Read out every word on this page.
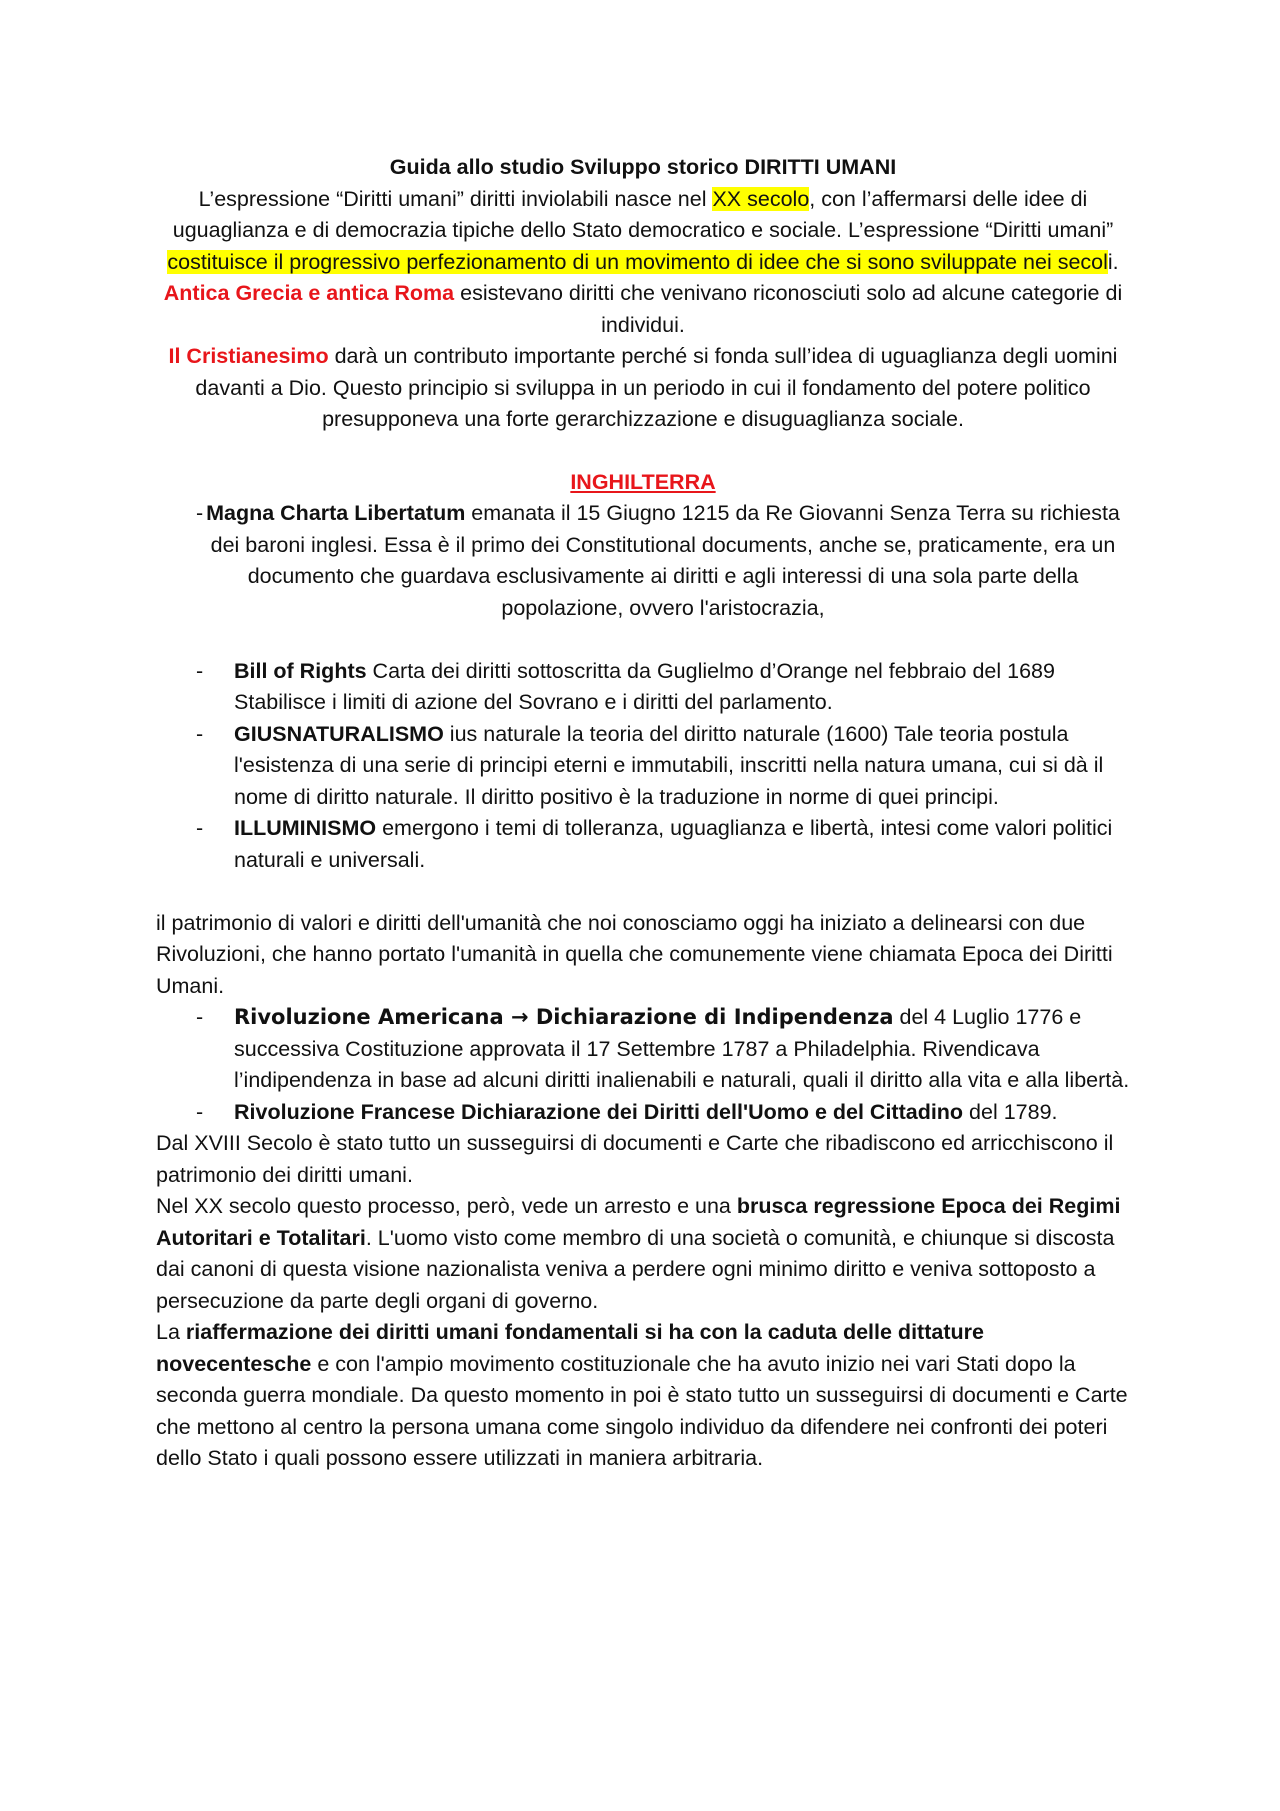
Guida allo studio Sviluppo storico DIRITTI UMANI

L’espressione “Diritti umani” diritti inviolabili nasce nel XX secolo, con l’affermarsi delle idee di uguaglianza e di democrazia tipiche dello Stato democratico e sociale. L’espressione “Diritti umani” costituisce il progressivo perfezionamento di un movimento di idee che si sono sviluppate nei secoli.

Antica Grecia e antica Roma esistevano diritti che venivano riconosciuti solo ad alcune categorie di individui.

Il Cristianesimo darà un contributo importante perché si fonda sull’idea di uguaglianza degli uomini davanti a Dio. Questo principio si sviluppa in un periodo in cui il fondamento del potere politico presupponeva una forte gerarchizzazione e disuguaglianza sociale.

INGHILTERRA
- Magna Charta Libertatum emanata il 15 Giugno 1215 da Re Giovanni Senza Terra su richiesta dei baroni inglesi. Essa è il primo dei Constitutional documents, anche se, praticamente, era un documento che guardava esclusivamente ai diritti e agli interessi di una sola parte della popolazione, ovvero l'aristocrazia,
- Bill of Rights Carta dei diritti sottoscritta da Guglielmo d’Orange nel febbraio del 1689 Stabilisce i limiti di azione del Sovrano e i diritti del parlamento.
- GIUSNATURALISMO ius naturale la teoria del diritto naturale (1600) Tale teoria postula l'esistenza di una serie di principi eterni e immutabili, inscritti nella natura umana, cui si dà il nome di diritto naturale. Il diritto positivo è la traduzione in norme di quei principi.
- ILLUMINISMO emergono i temi di tolleranza, uguaglianza e libertà, intesi come valori politici naturali e universali.

il patrimonio di valori e diritti dell'umanità che noi conosciamo oggi ha iniziato a delinearsi con due Rivoluzioni, che hanno portato l'umanità in quella che comunemente viene chiamata Epoca dei Diritti Umani.

- Rivoluzione Americana → Dichiarazione di Indipendenza del 4 Luglio 1776 e successiva Costituzione approvata il 17 Settembre 1787 a Philadelphia. Rivendicava l’indipendenza in base ad alcuni diritti inalienabili e naturali, quali il diritto alla vita e alla libertà.
- Rivoluzione Francese Dichiarazione dei Diritti dell'Uomo e del Cittadino del 1789.

Dal XVIII Secolo è stato tutto un susseguirsi di documenti e Carte che ribadiscono ed arricchiscono il patrimonio dei diritti umani.

Nel XX secolo questo processo, però, vede un arresto e una brusca regressione Epoca dei Regimi Autoritari e Totalitari. L'uomo visto come membro di una società o comunità, e chiunque si discosta dai canoni di questa visione nazionalista veniva a perdere ogni minimo diritto e veniva sottoposto a persecuzione da parte degli organi di governo.

La riaffermazione dei diritti umani fondamentali si ha con la caduta delle dittature novecentesche e con l'ampio movimento costituzionale che ha avuto inizio nei vari Stati dopo la seconda guerra mondiale. Da questo momento in poi è stato tutto un susseguirsi di documenti e Carte che mettono al centro la persona umana come singolo individuo da difendere nei confronti dei poteri dello Stato i quali possono essere utilizzati in maniera arbitraria.
